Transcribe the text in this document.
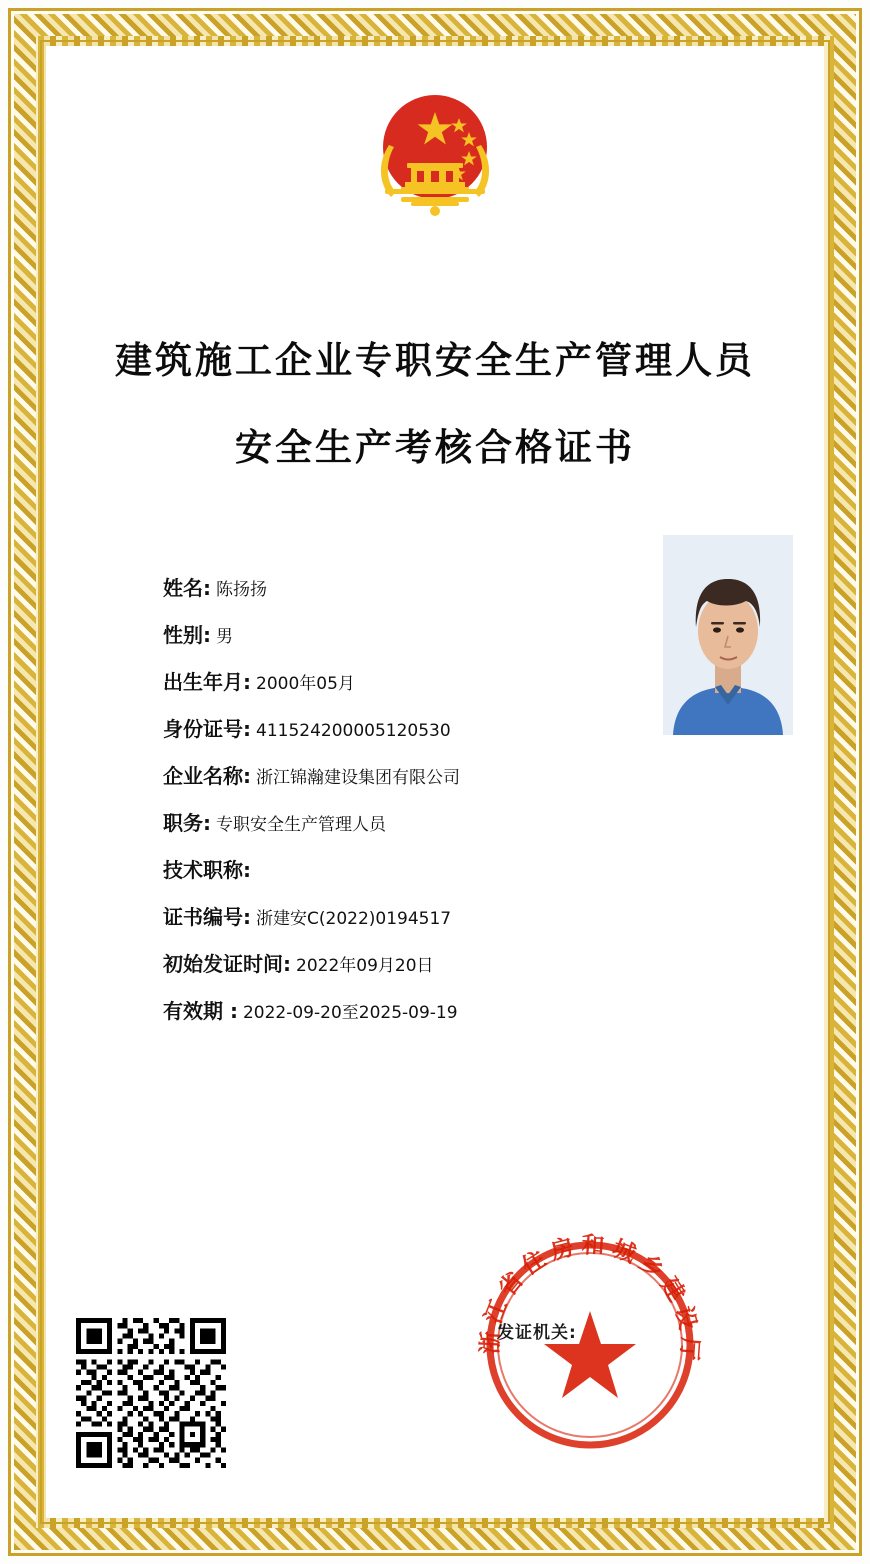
建筑施工企业专职安全生产管理人员
安全生产考核合格证书
姓名: 陈扬扬
性别: 男
出生年月: 2000年05月
身份证号: 411524200005120530
企业名称: 浙江锦瀚建设集团有限公司
职务: 专职安全生产管理人员
技术职称:
证书编号: 浙建安C(2022)0194517
初始发证时间: 2022年09月20日
有效期 : 2022-09-20至2025-09-19
浙江省住房和城乡建设厅
发证机关:
